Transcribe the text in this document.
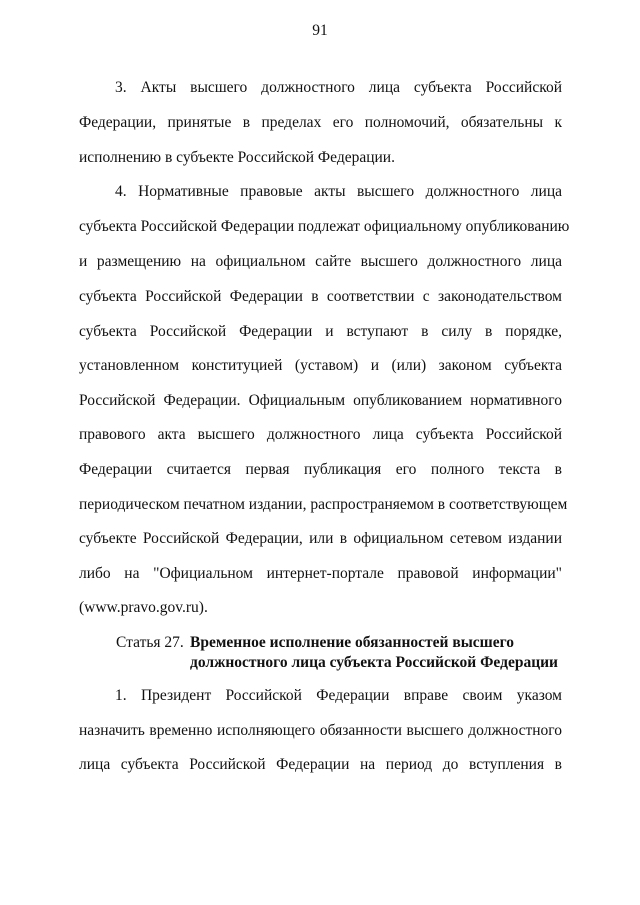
91
3. Акты высшего должностного лица субъекта Российской
Федерации, принятые в пределах его полномочий, обязательны к
исполнению в субъекте Российской Федерации.
4. Нормативные правовые акты высшего должностного лица
субъекта Российской Федерации подлежат официальному опубликованию
и размещению на официальном сайте высшего должностного лица
субъекта Российской Федерации в соответствии с законодательством
субъекта Российской Федерации и вступают в силу в порядке,
установленном конституцией (уставом) и (или) законом субъекта
Российской Федерации. Официальным опубликованием нормативного
правового акта высшего должностного лица субъекта Российской
Федерации считается первая публикация его полного текста в
периодическом печатном издании, распространяемом в соответствующем
субъекте Российской Федерации, или в официальном сетевом издании
либо на "Официальном интернет-портале правовой информации"
(www.pravo.gov.ru).
Статья 27. Временное исполнение обязанностей высшего
должностного лица субъекта Российской Федерации
1. Президент Российской Федерации вправе своим указом
назначить временно исполняющего обязанности высшего должностного
лица субъекта Российской Федерации на период до вступления в
